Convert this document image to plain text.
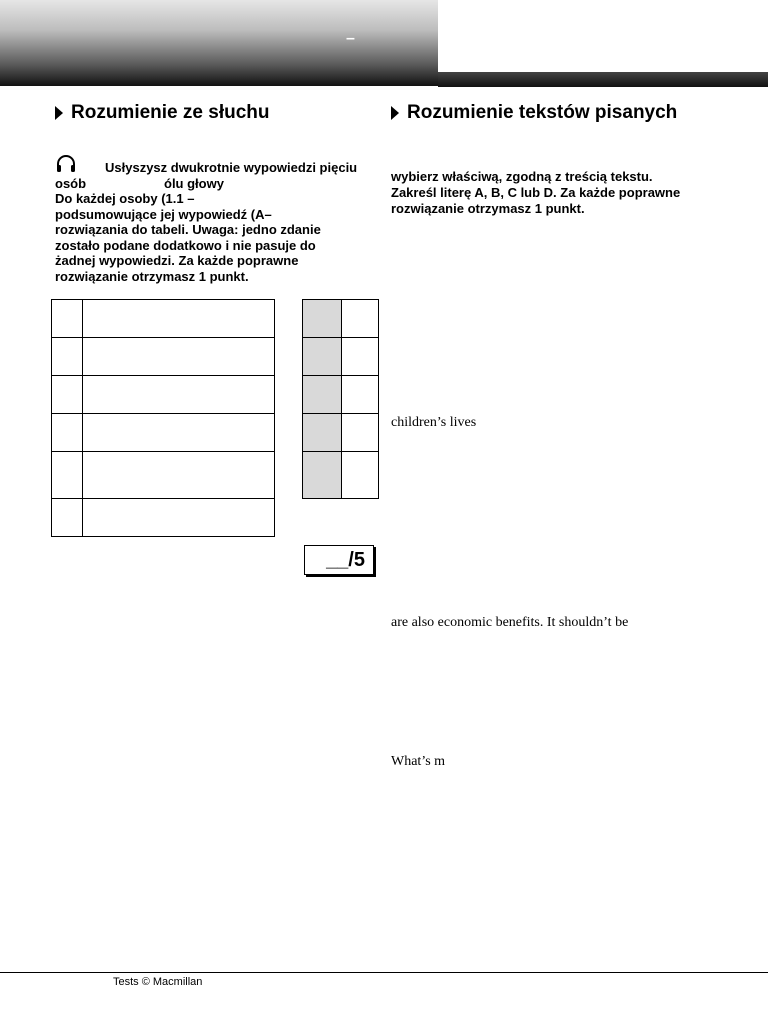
–
Rozumienie ze słuchu	Rozumienie tekstów pisanych
Usłyszysz dwukrotnie wypowiedzi pięciu
osób	ólu głowy
Do każdej osoby (1.1 –
podsumowujące jej wypowiedź (A–
rozwiązania do tabeli. Uwaga: jedno zdanie
zostało podane dodatkowo i nie pasuje do
żadnej wypowiedzi. Za każde poprawne
rozwiązanie otrzymasz 1 punkt.
wybierz właściwą, zgodną z treścią tekstu.
Zakreśl literę A, B, C lub D. Za każde poprawne
rozwiązanie otrzymasz 1 punkt.
__/5
children’s lives
are also economic benefits. It shouldn’t be
What’s m
Tests © Macmillan
